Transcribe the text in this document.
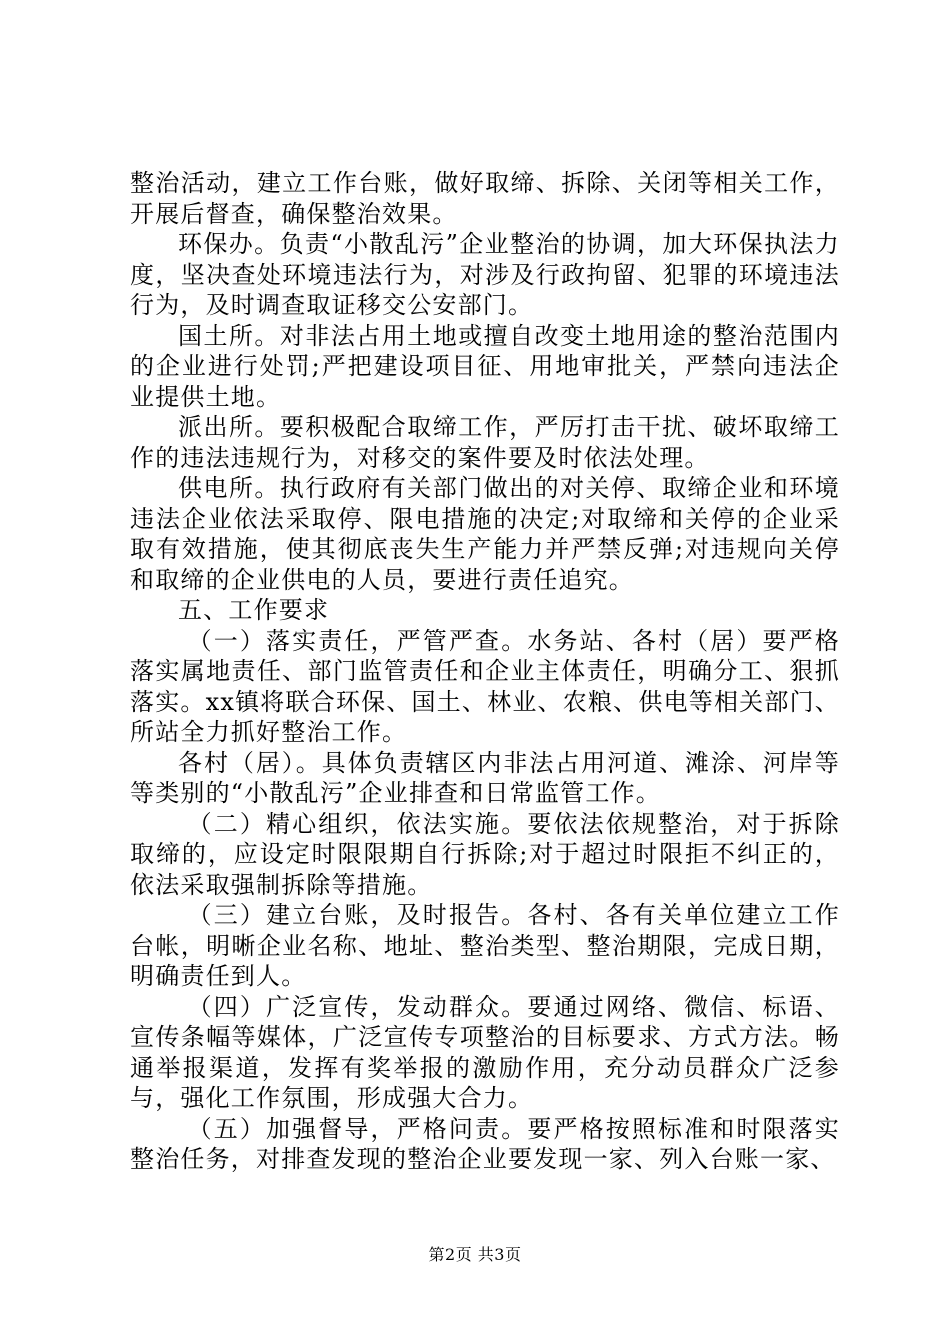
整治活动，建立工作台账，做好取缔、拆除、关闭等相关工作，开展后督查，确保整治效果。

环保办。负责“小散乱污”企业整治的协调，加大环保执法力度，坚决查处环境违法行为，对涉及行政拘留、犯罪的环境违法行为，及时调查取证移交公安部门。

国土所。对非法占用土地或擅自改变土地用途的整治范围内的企业进行处罚;严把建设项目征、用地审批关，严禁向违法企业提供土地。

派出所。要积极配合取缔工作，严厉打击干扰、破坏取缔工作的违法违规行为，对移交的案件要及时依法处理。

供电所。执行政府有关部门做出的对关停、取缔企业和环境违法企业依法采取停、限电措施的决定;对取缔和关停的企业采取有效措施，使其彻底丧失生产能力并严禁反弹;对违规向关停和取缔的企业供电的人员，要进行责任追究。

五、工作要求

（一）落实责任，严管严查。水务站、各村（居）要严格落实属地责任、部门监管责任和企业主体责任，明确分工、狠抓落实。xx镇将联合环保、国土、林业、农粮、供电等相关部门、所站全力抓好整治工作。

各村（居）。具体负责辖区内非法占用河道、滩涂、河岸等等类别的“小散乱污”企业排查和日常监管工作。

（二）精心组织，依法实施。要依法依规整治，对于拆除取缔的，应设定时限限期自行拆除;对于超过时限拒不纠正的，依法采取强制拆除等措施。

（三）建立台账，及时报告。各村、各有关单位建立工作台帐，明晰企业名称、地址、整治类型、整治期限，完成日期，明确责任到人。

（四）广泛宣传，发动群众。要通过网络、微信、标语、宣传条幅等媒体，广泛宣传专项整治的目标要求、方式方法。畅通举报渠道，发挥有奖举报的激励作用，充分动员群众广泛参与，强化工作氛围，形成强大合力。

（五）加强督导，严格问责。要严格按照标准和时限落实整治任务，对排查发现的整治企业要发现一家、列入台账一家、

第2页 共3页
